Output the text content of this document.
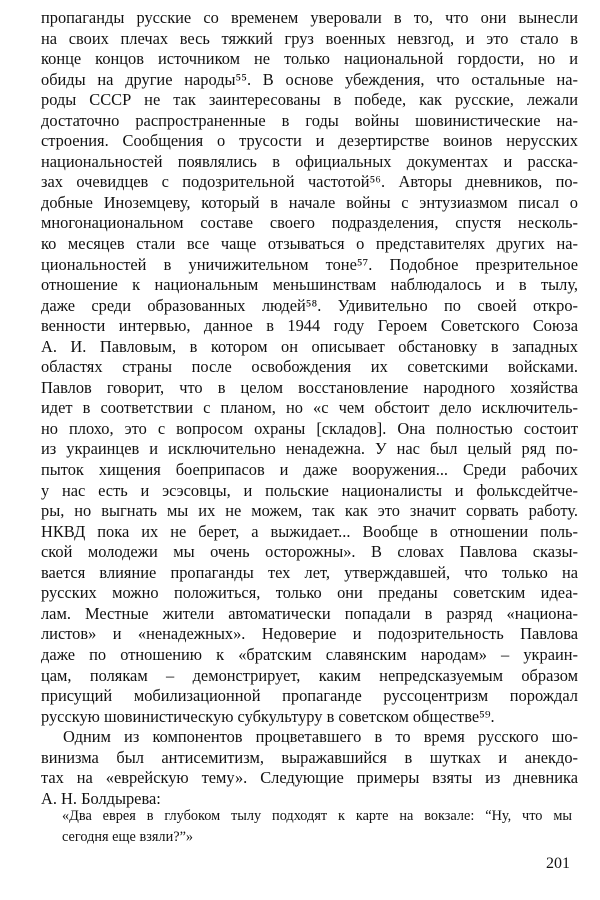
пропаганды русские со временем уверовали в то, что они вынесли
на своих плечах весь тяжкий груз военных невзгод, и это стало в
конце концов источником не только национальной гордости, но и
обиды на другие народы⁵⁵. В основе убеждения, что остальные на-
роды СССР не так заинтересованы в победе, как русские, лежали
достаточно распространенные в годы войны шовинистические на-
строения. Сообщения о трусости и дезертирстве воинов нерусских
национальностей появлялись в официальных документах и расска-
зах очевидцев с подозрительной частотой⁵⁶. Авторы дневников, по-
добные Иноземцеву, который в начале войны с энтузиазмом писал о
многонациональном составе своего подразделения, спустя несколь-
ко месяцев стали все чаще отзываться о представителях других на-
циональностей в уничижительном тоне⁵⁷. Подобное презрительное
отношение к национальным меньшинствам наблюдалось и в тылу,
даже среди образованных людей⁵⁸. Удивительно по своей откро-
венности интервью, данное в 1944 году Героем Советского Союза
А. И. Павловым, в котором он описывает обстановку в западных
областях страны после освобождения их советскими войсками.
Павлов говорит, что в целом восстановление народного хозяйства
идет в соответствии с планом, но «с чем обстоит дело исключитель-
но плохо, это с вопросом охраны [складов]. Она полностью состоит
из украинцев и исключительно ненадежна. У нас был целый ряд по-
пыток хищения боеприпасов и даже вооружения... Среди рабочих
у нас есть и эсэсовцы, и польские националисты и фольксдейтче-
ры, но выгнать мы их не можем, так как это значит сорвать работу.
НКВД пока их не берет, а выжидает... Вообще в отношении поль-
ской молодежи мы очень осторожны». В словах Павлова сказы-
вается влияние пропаганды тех лет, утверждавшей, что только на
русских можно положиться, только они преданы советским идеа-
лам. Местные жители автоматически попадали в разряд «национа-
листов» и «ненадежных». Недоверие и подозрительность Павлова
даже по отношению к «братским славянским народам» – украин-
цам, полякам – демонстрирует, каким непредсказуемым образом
присущий мобилизационной пропаганде руссоцентризм порождал
русскую шовинистическую субкультуру в советском обществе⁵⁹.
Одним из компонентов процветавшего в то время русского шо-
винизма был антисемитизм, выражавшийся в шутках и анекдо-
тах на «еврейскую тему». Следующие примеры взяты из дневника
А. Н. Болдырева:
«Два еврея в глубоком тылу подходят к карте на вокзале: “Ну, что мы
сегодня еще взяли?”»
201
